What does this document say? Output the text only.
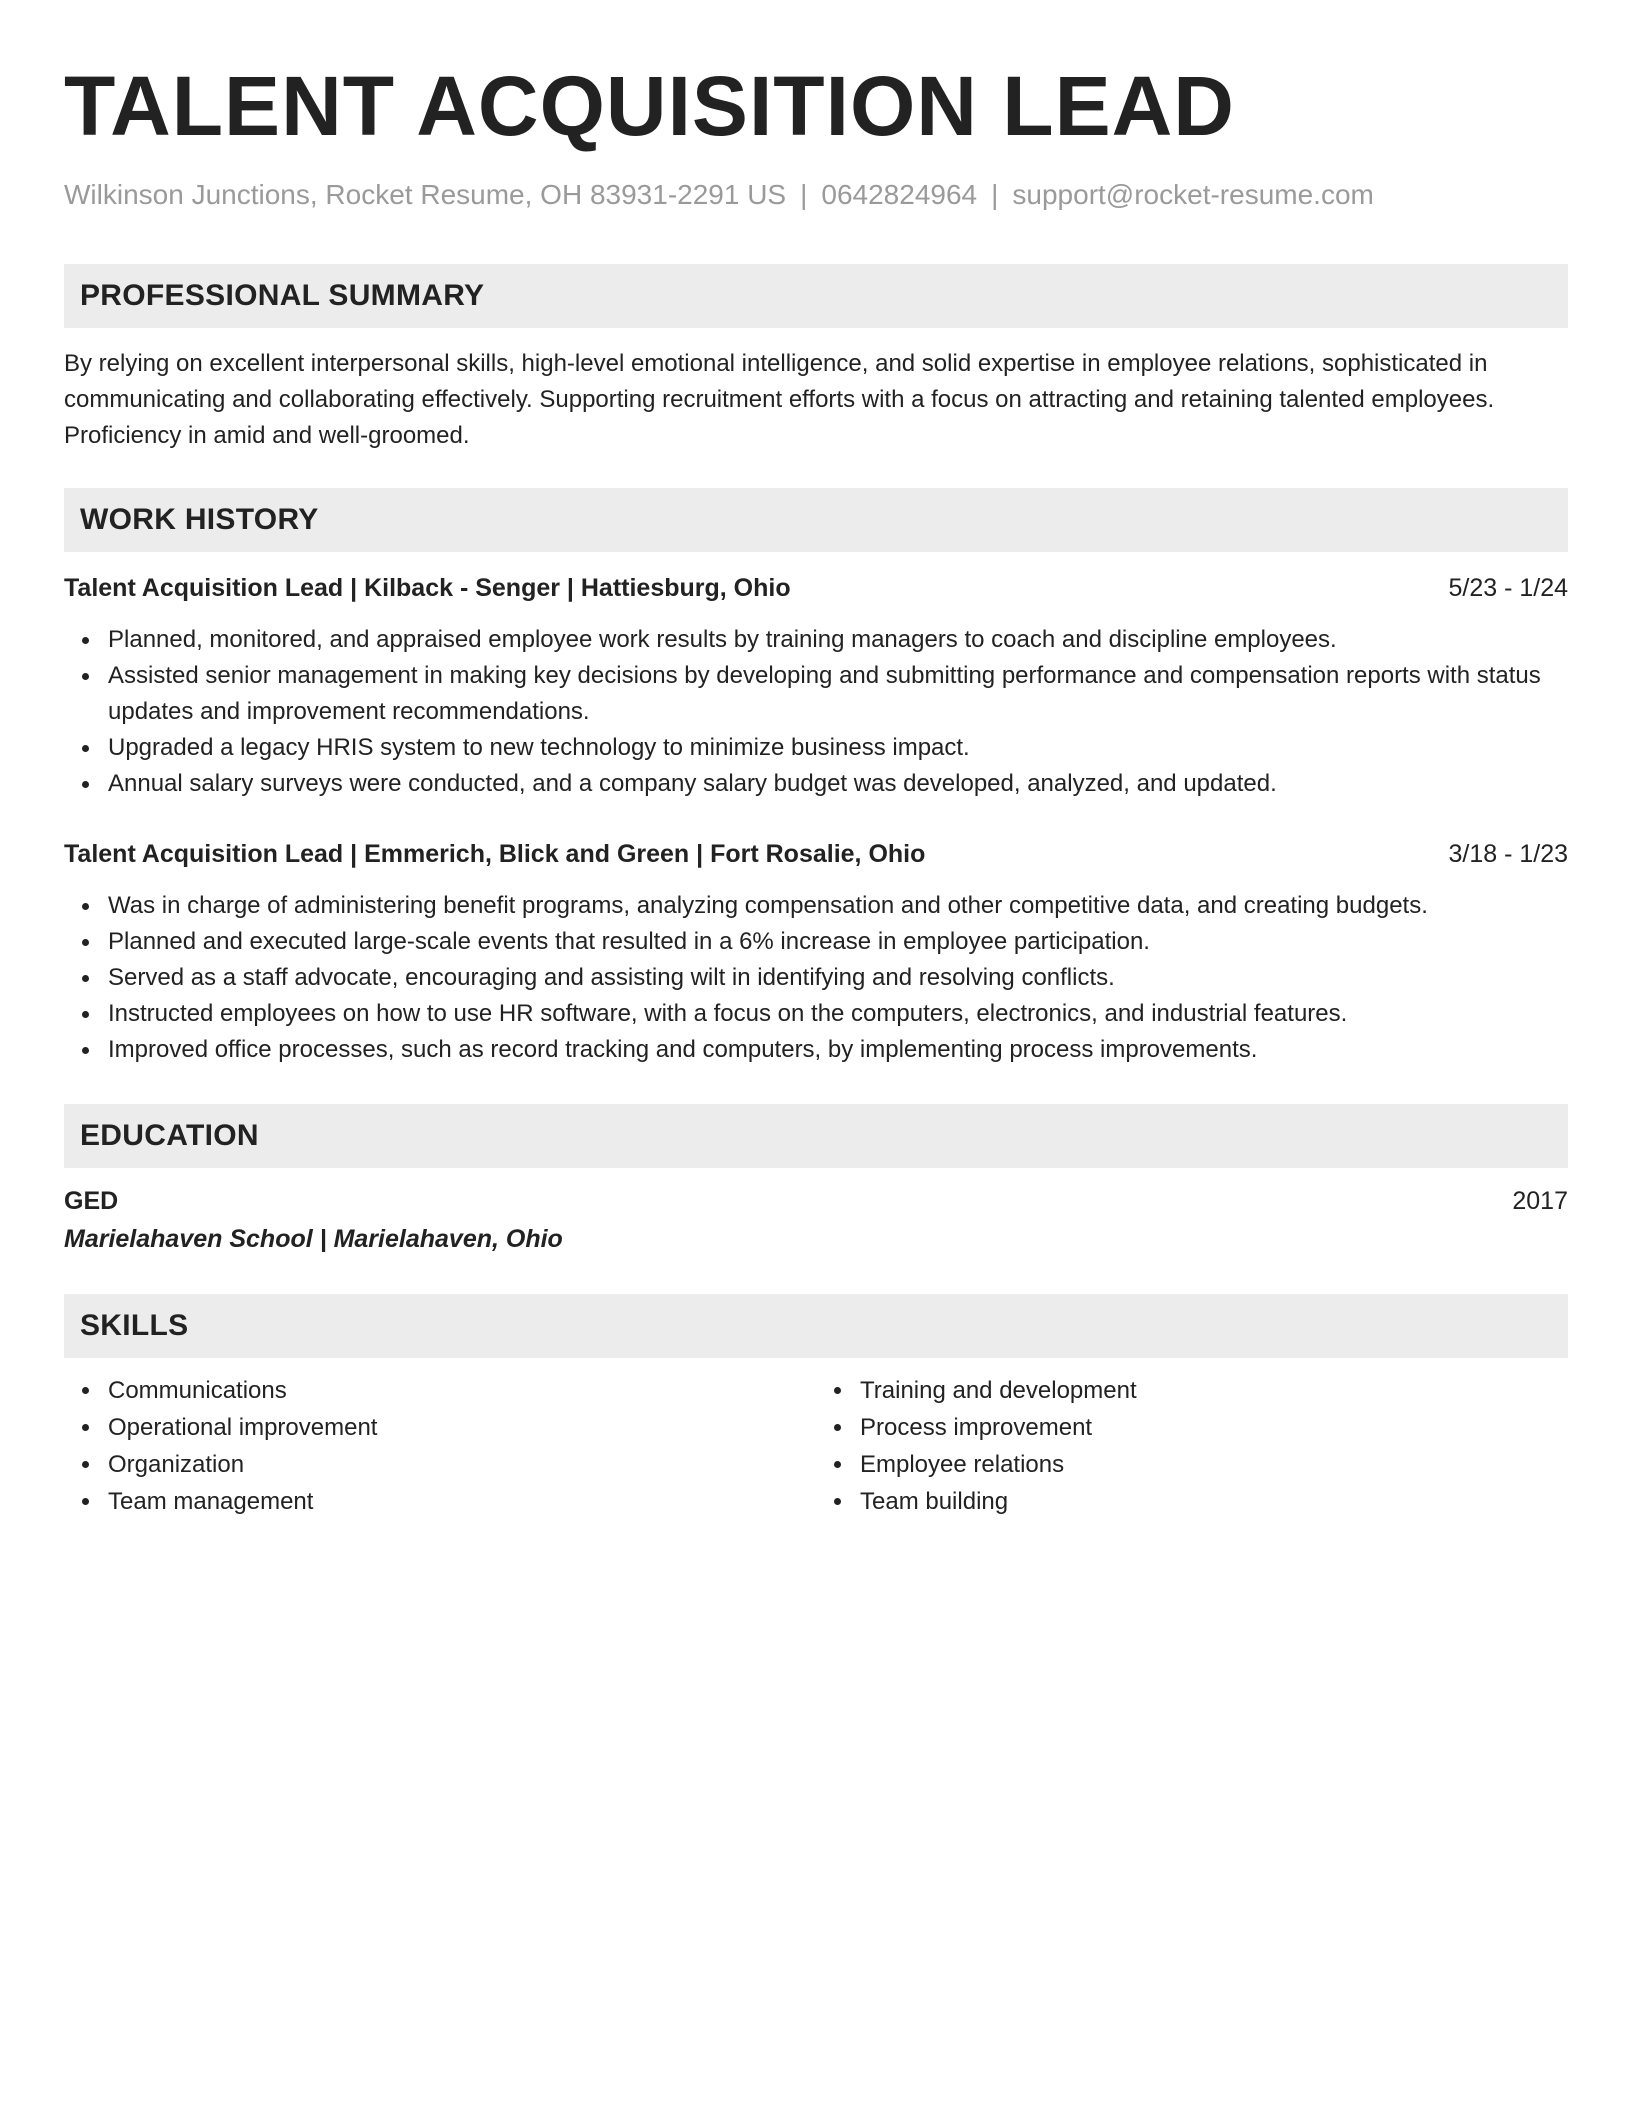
TALENT ACQUISITION LEAD
Wilkinson Junctions, Rocket Resume, OH 83931-2291 US | 0642824964 | support@rocket-resume.com
PROFESSIONAL SUMMARY
By relying on excellent interpersonal skills, high-level emotional intelligence, and solid expertise in employee relations, sophisticated in communicating and collaborating effectively. Supporting recruitment efforts with a focus on attracting and retaining talented employees. Proficiency in amid and well-groomed.
WORK HISTORY
Talent Acquisition Lead | Kilback - Senger | Hattiesburg, Ohio	5/23 - 1/24
Planned, monitored, and appraised employee work results by training managers to coach and discipline employees.
Assisted senior management in making key decisions by developing and submitting performance and compensation reports with status updates and improvement recommendations.
Upgraded a legacy HRIS system to new technology to minimize business impact.
Annual salary surveys were conducted, and a company salary budget was developed, analyzed, and updated.
Talent Acquisition Lead | Emmerich, Blick and Green | Fort Rosalie, Ohio	3/18 - 1/23
Was in charge of administering benefit programs, analyzing compensation and other competitive data, and creating budgets.
Planned and executed large-scale events that resulted in a 6% increase in employee participation.
Served as a staff advocate, encouraging and assisting wilt in identifying and resolving conflicts.
Instructed employees on how to use HR software, with a focus on the computers, electronics, and industrial features.
Improved office processes, such as record tracking and computers, by implementing process improvements.
EDUCATION
GED	2017
Marielahaven School | Marielahaven, Ohio
SKILLS
Communications
Operational improvement
Organization
Team management
Training and development
Process improvement
Employee relations
Team building
